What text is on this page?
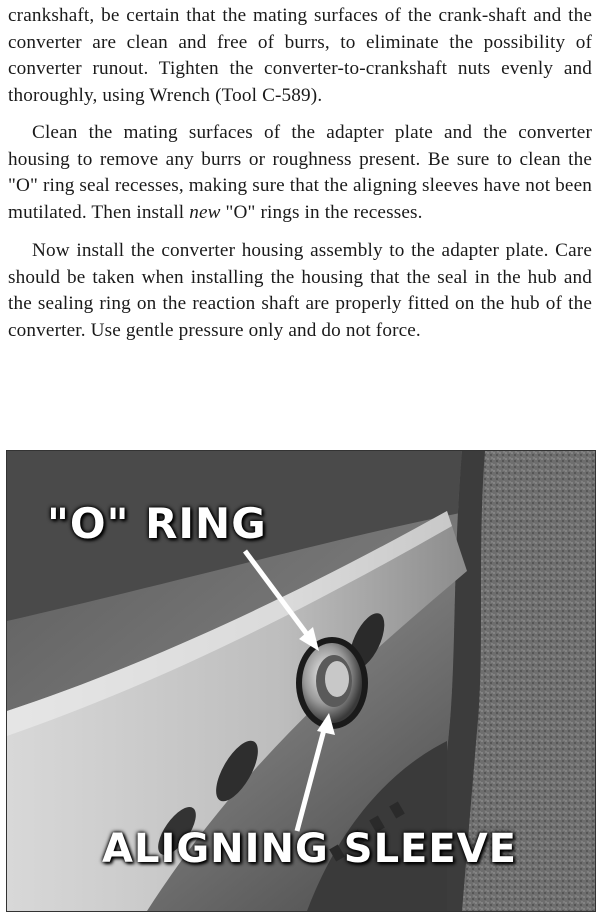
crankshaft, be certain that the mating surfaces of the crank-shaft and the converter are clean and free of burrs, to eliminate the possibility of converter runout. Tighten the converter-to-crankshaft nuts evenly and thoroughly, using Wrench (Tool C-589).

Clean the mating surfaces of the adapter plate and the converter housing to remove any burrs or roughness present. Be sure to clean the "O" ring seal recesses, making sure that the aligning sleeves have not been mutilated. Then install new "O" rings in the recesses.

Now install the converter housing assembly to the adapter plate. Care should be taken when installing the housing that the seal in the hub and the sealing ring on the reaction shaft are properly fitted on the hub of the converter. Use gentle pressure only and do not force.

"O" RING
ALIGNING SLEEVE
